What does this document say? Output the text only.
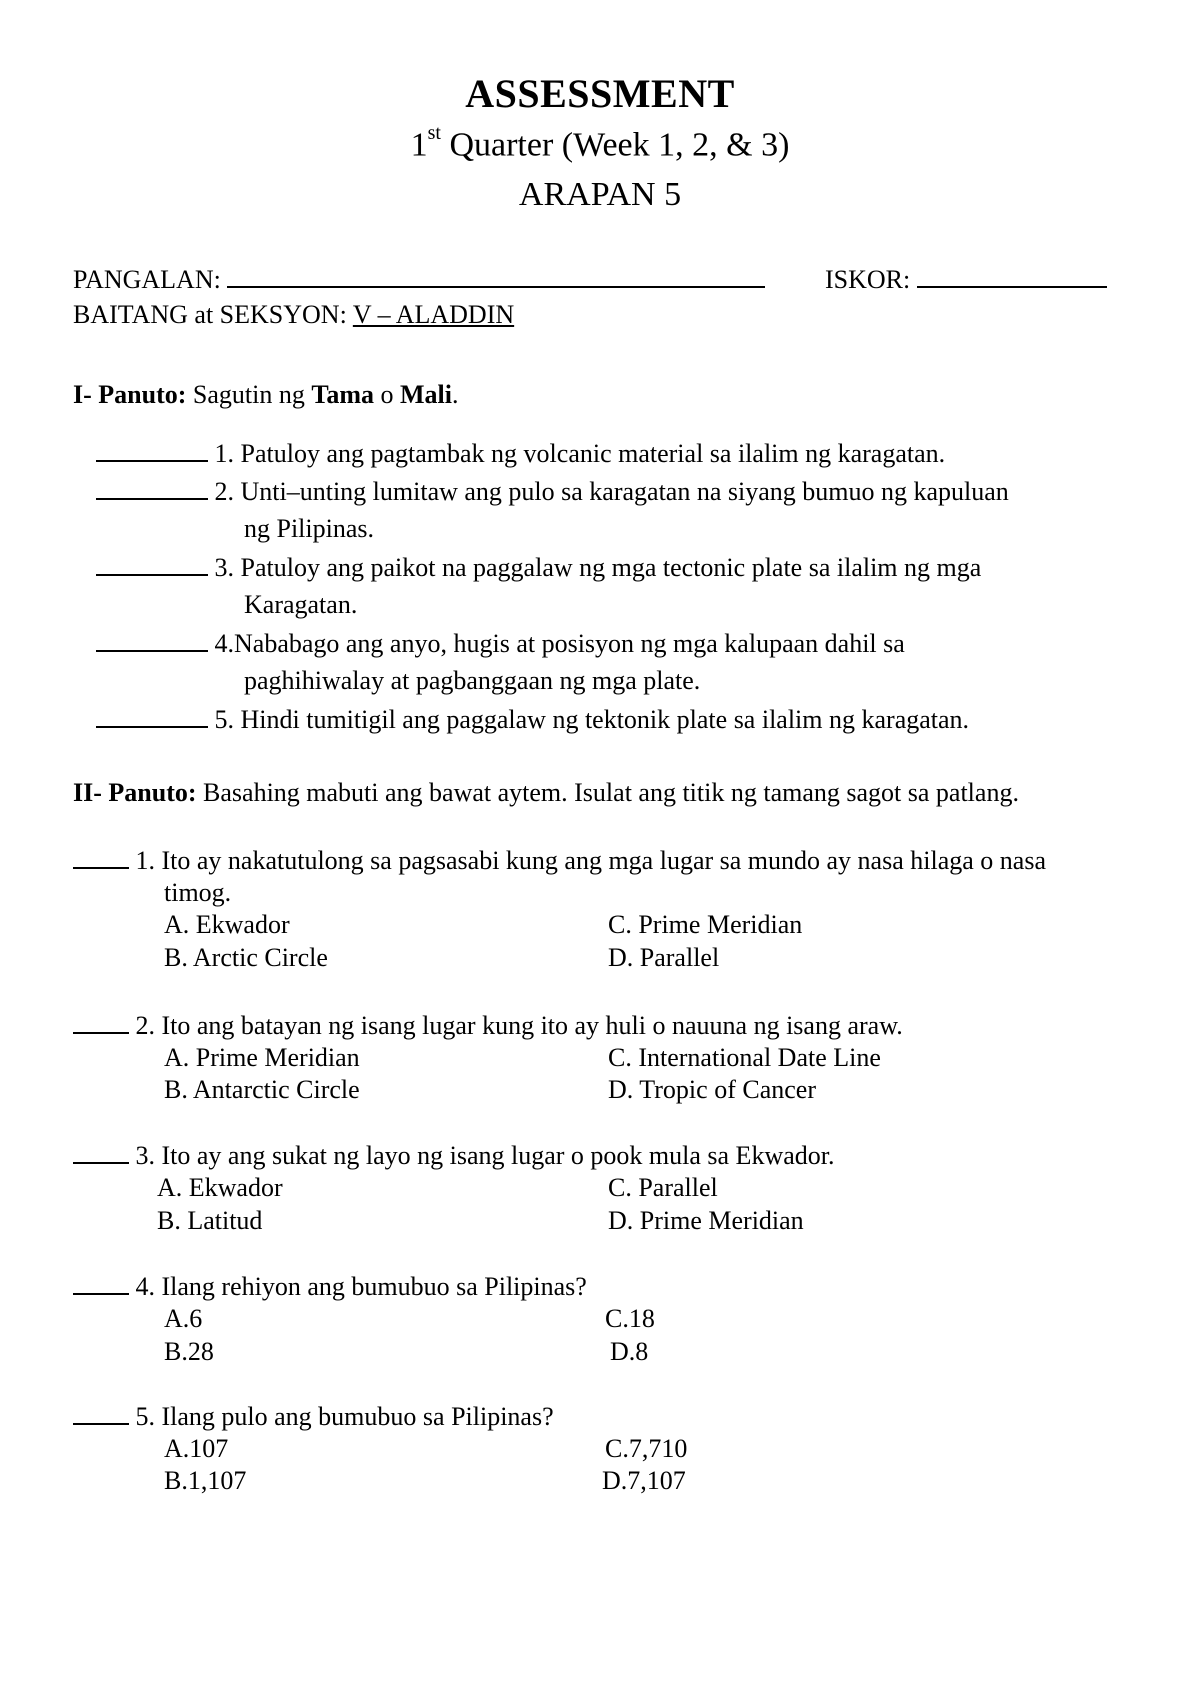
ASSESSMENT
1st Quarter (Week 1, 2, & 3)
ARAPAN 5
PANGALAN:	ISKOR:
BAITANG at SEKSYON: V – ALADDIN
I- Panuto: Sagutin ng Tama o Mali.
1. Patuloy ang pagtambak ng volcanic material sa ilalim ng karagatan.
2. Unti–unting lumitaw ang pulo sa karagatan na siyang bumuo ng kapuluan
ng Pilipinas.
3. Patuloy ang paikot na paggalaw ng mga tectonic plate sa ilalim ng mga
Karagatan.
4.Nababago ang anyo, hugis at posisyon ng mga kalupaan dahil sa
paghihiwalay at pagbanggaan ng mga plate.
5. Hindi tumitigil ang paggalaw ng tektonik plate sa ilalim ng karagatan.
II- Panuto: Basahing mabuti ang bawat aytem. Isulat ang titik ng tamang sagot sa patlang.
1. Ito ay nakatutulong sa pagsasabi kung ang mga lugar sa mundo ay nasa hilaga o nasa
timog.
A. Ekwador	C. Prime Meridian
B. Arctic Circle	D. Parallel
2. Ito ang batayan ng isang lugar kung ito ay huli o nauuna ng isang araw.
A. Prime Meridian	C. International Date Line
B. Antarctic Circle	D. Tropic of Cancer
3. Ito ay ang sukat ng layo ng isang lugar o pook mula sa Ekwador.
A. Ekwador	C. Parallel
B. Latitud	D. Prime Meridian
4. Ilang rehiyon ang bumubuo sa Pilipinas?
A.6	C.18
B.28	D.8
5. Ilang pulo ang bumubuo sa Pilipinas?
A.107	C.7,710
B.1,107	D.7,107
